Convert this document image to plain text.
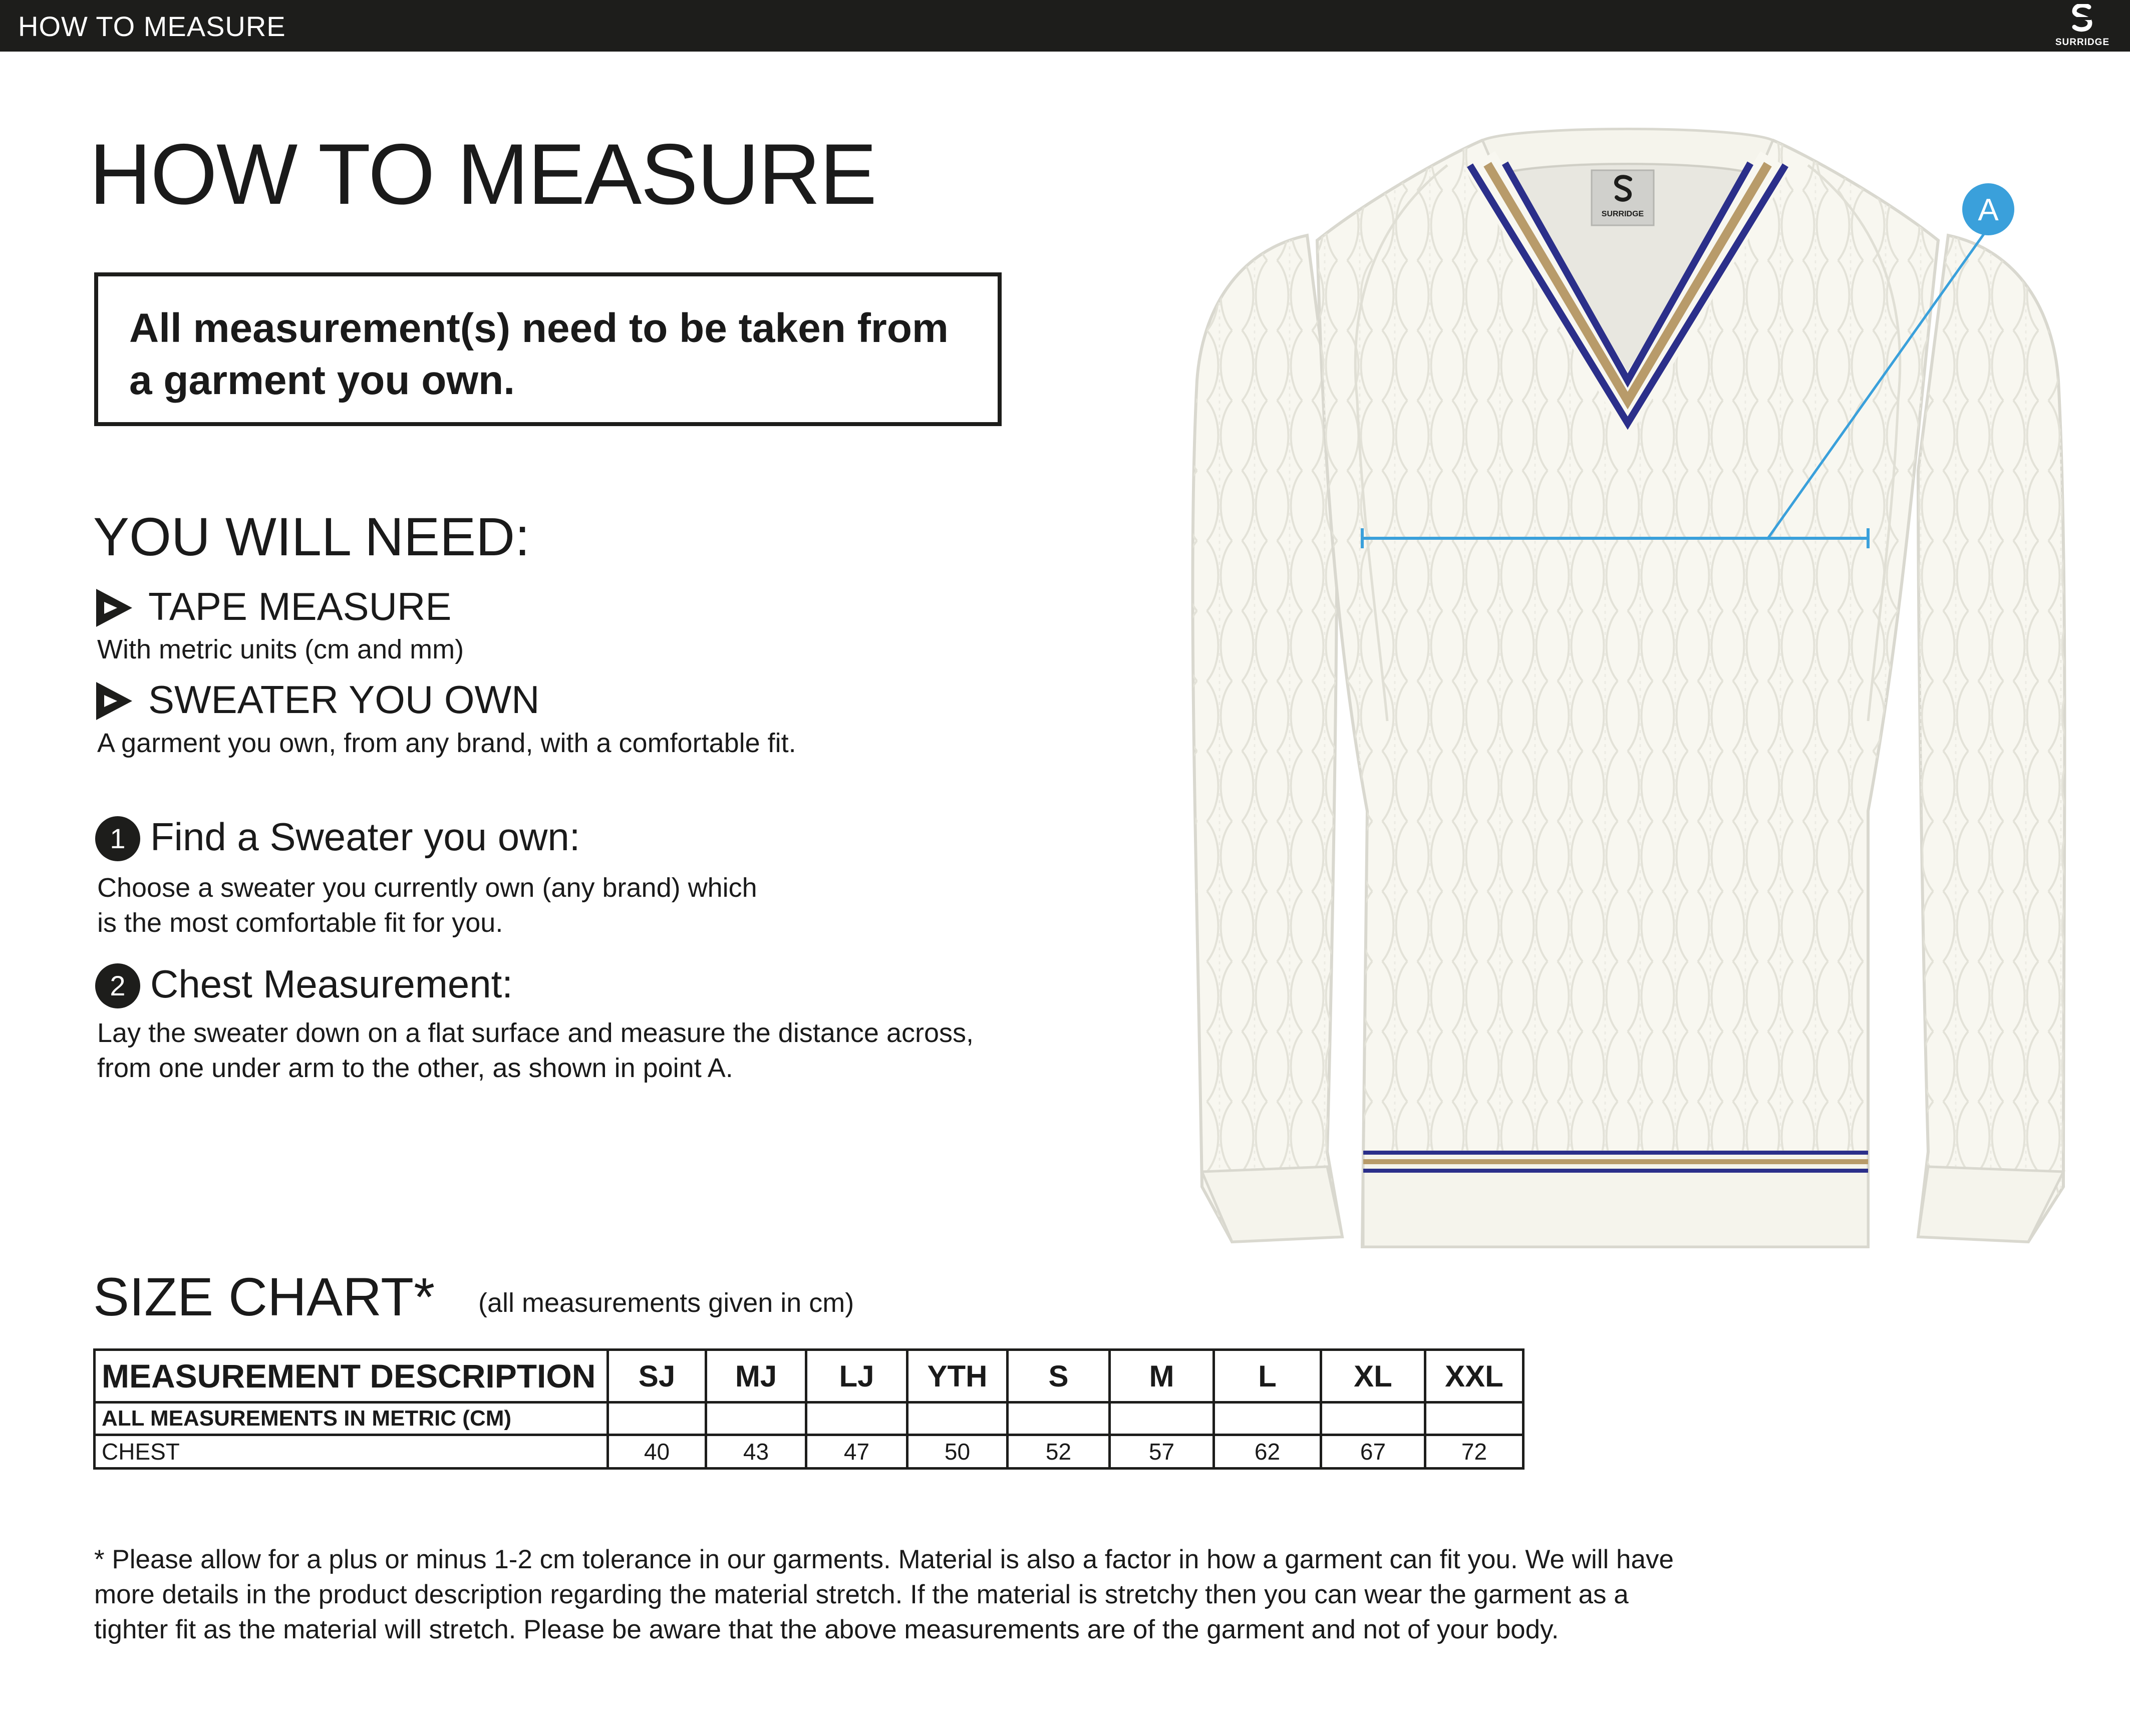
HOW TO MEASURE
SURRIDGE
HOW TO MEASURE

All measurement(s) need to be taken from a garment you own.

YOU WILL NEED:
TAPE MEASURE
With metric units (cm and mm)
SWEATER YOU OWN
A garment you own, from any brand, with a comfortable fit.
1 Find a Sweater you own:

Choose a sweater you currently own (any brand) which

is the most comfortable fit for you.

2 Chest Measurement:

Lay the sweater down on a flat surface and measure the distance across,

from one under arm to the other, as shown in point A.

SIZE CHART* (all measurements given in cm)
MEASUREMENT DESCRIPTION	SJ	MJ	LJ	YTH	S	M	L	XL	XXL
ALL MEASUREMENTS IN METRIC (CM)									
CHEST	40	43	47	50	52	57	62	67	72
* Please allow for a plus or minus 1-2 cm tolerance in our garments. Material is also a factor in how a garment can fit you. We will have
more details in the product description regarding the material stretch. If the material is stretchy then you can wear the garment as a
tighter fit as the material will stretch. Please be aware that the above measurements are of the garment and not of your body.
SURRIDGE	A
